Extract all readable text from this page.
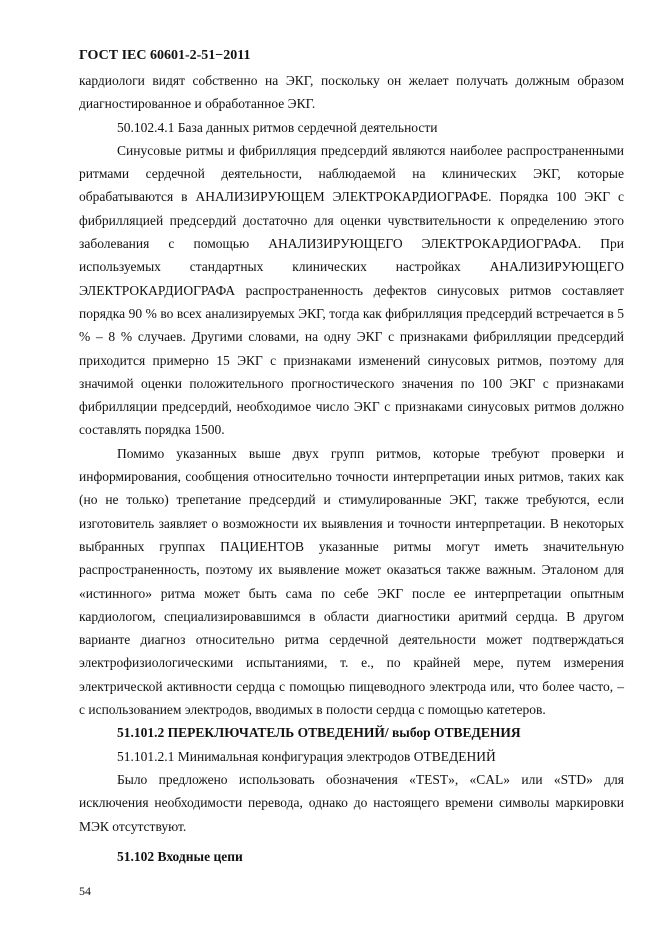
ГОСТ IEC 60601-2-51−2011
кардиологи видят собственно на ЭКГ, поскольку он желает получать должным образом
диагностированное и обработанное ЭКГ.
50.102.4.1 База данных ритмов сердечной деятельности
Синусовые ритмы и фибрилляция предсердий являются наиболее распространенными
ритмами сердечной деятельности, наблюдаемой на клинических ЭКГ, которые
обрабатываются в АНАЛИЗИРУЮЩЕМ ЭЛЕКТРОКАРДИОГРАФЕ. Порядка 100 ЭКГ с
фибрилляцией предсердий достаточно для оценки чувствительности к определению этого
заболевания с помощью АНАЛИЗИРУЮЩЕГО ЭЛЕКТРОКАРДИОГРАФА. При
используемых стандартных клинических настройках АНАЛИЗИРУЮЩЕГО
ЭЛЕКТРОКАРДИОГРАФА распространенность дефектов синусовых ритмов составляет
порядка 90 % во всех анализируемых ЭКГ, тогда как фибрилляция предсердий встречается в 5
% – 8 % случаев. Другими словами, на одну ЭКГ с признаками фибрилляции предсердий
приходится примерно 15 ЭКГ с признаками изменений синусовых ритмов, поэтому для
значимой оценки положительного прогностического значения по 100 ЭКГ с признаками
фибрилляции предсердий, необходимое число ЭКГ с признаками синусовых ритмов должно
составлять порядка 1500.
Помимо указанных выше двух групп ритмов, которые требуют проверки и
информирования, сообщения относительно точности интерпретации иных ритмов, таких как
(но не только) трепетание предсердий и стимулированные ЭКГ, также требуются, если
изготовитель заявляет о возможности их выявления и точности интерпретации. В некоторых
выбранных группах ПАЦИЕНТОВ указанные ритмы могут иметь значительную
распространенность, поэтому их выявление может оказаться также важным. Эталоном для
«истинного» ритма может быть сама по себе ЭКГ после ее интерпретации опытным
кардиологом, специализировавшимся в области диагностики аритмий сердца. В другом
варианте диагноз относительно ритма сердечной деятельности может подтверждаться
электрофизиологическими испытаниями, т. е., по крайней мере, путем измерения
электрической активности сердца с помощью пищеводного электрода или, что более часто, –
с использованием электродов, вводимых в полости сердца с помощью катетеров.
51.101.2 ПЕРЕКЛЮЧАТЕЛЬ ОТВЕДЕНИЙ/ выбор ОТВЕДЕНИЯ
51.101.2.1 Минимальная конфигурация электродов ОТВЕДЕНИЙ
Было предложено использовать обозначения «TEST», «CAL» или «STD» для
исключения необходимости перевода, однако до настоящего времени символы маркировки
МЭК отсутствуют.
51.102 Входные цепи
54
